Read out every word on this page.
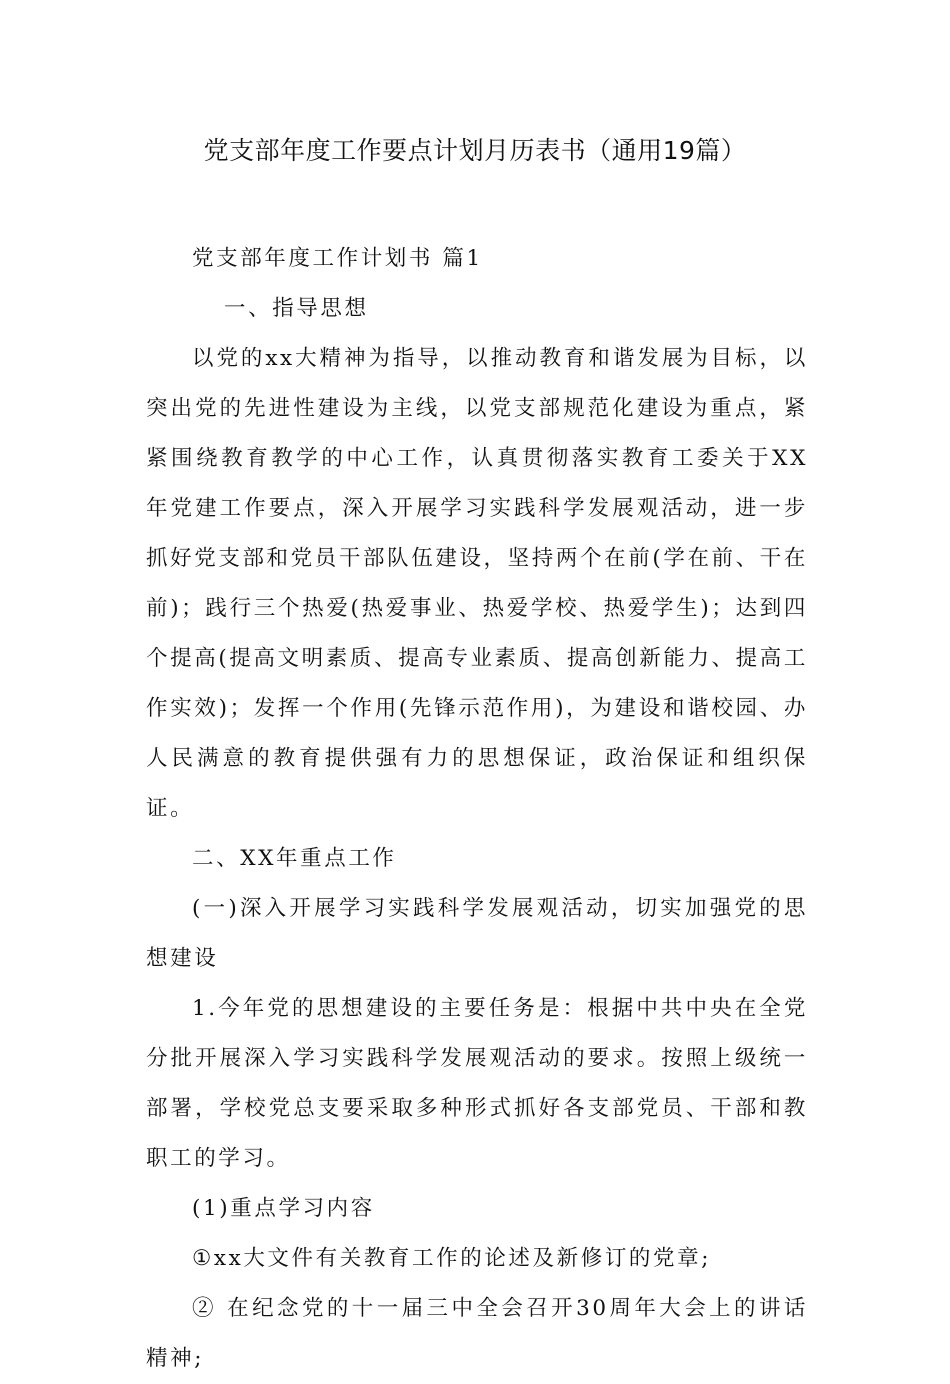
党支部年度工作要点计划月历表书（通用19篇）

党支部年度工作计划书 篇1

一、指导思想

以党的xx大精神为指导，以推动教育和谐发展为目标，以突出党的先进性建设为主线，以党支部规范化建设为重点，紧紧围绕教育教学的中心工作，认真贯彻落实教育工委关于XX年党建工作要点，深入开展学习实践科学发展观活动，进一步抓好党支部和党员干部队伍建设，坚持两个在前(学在前、干在前)；践行三个热爱(热爱事业、热爱学校、热爱学生)；达到四个提高(提高文明素质、提高专业素质、提高创新能力、提高工作实效)；发挥一个作用(先锋示范作用)，为建设和谐校园、办人民满意的教育提供强有力的思想保证，政治保证和组织保证。

二、XX年重点工作

(一)深入开展学习实践科学发展观活动，切实加强党的思想建设

1.今年党的思想建设的主要任务是：根据中共中央在全党分批开展深入学习实践科学发展观活动的要求。按照上级统一部署，学校党总支要采取多种形式抓好各支部党员、干部和教职工的学习。

(1)重点学习内容

①xx大文件有关教育工作的论述及新修订的党章;

② 在纪念党的十一届三中全会召开30周年大会上的讲话精神;
